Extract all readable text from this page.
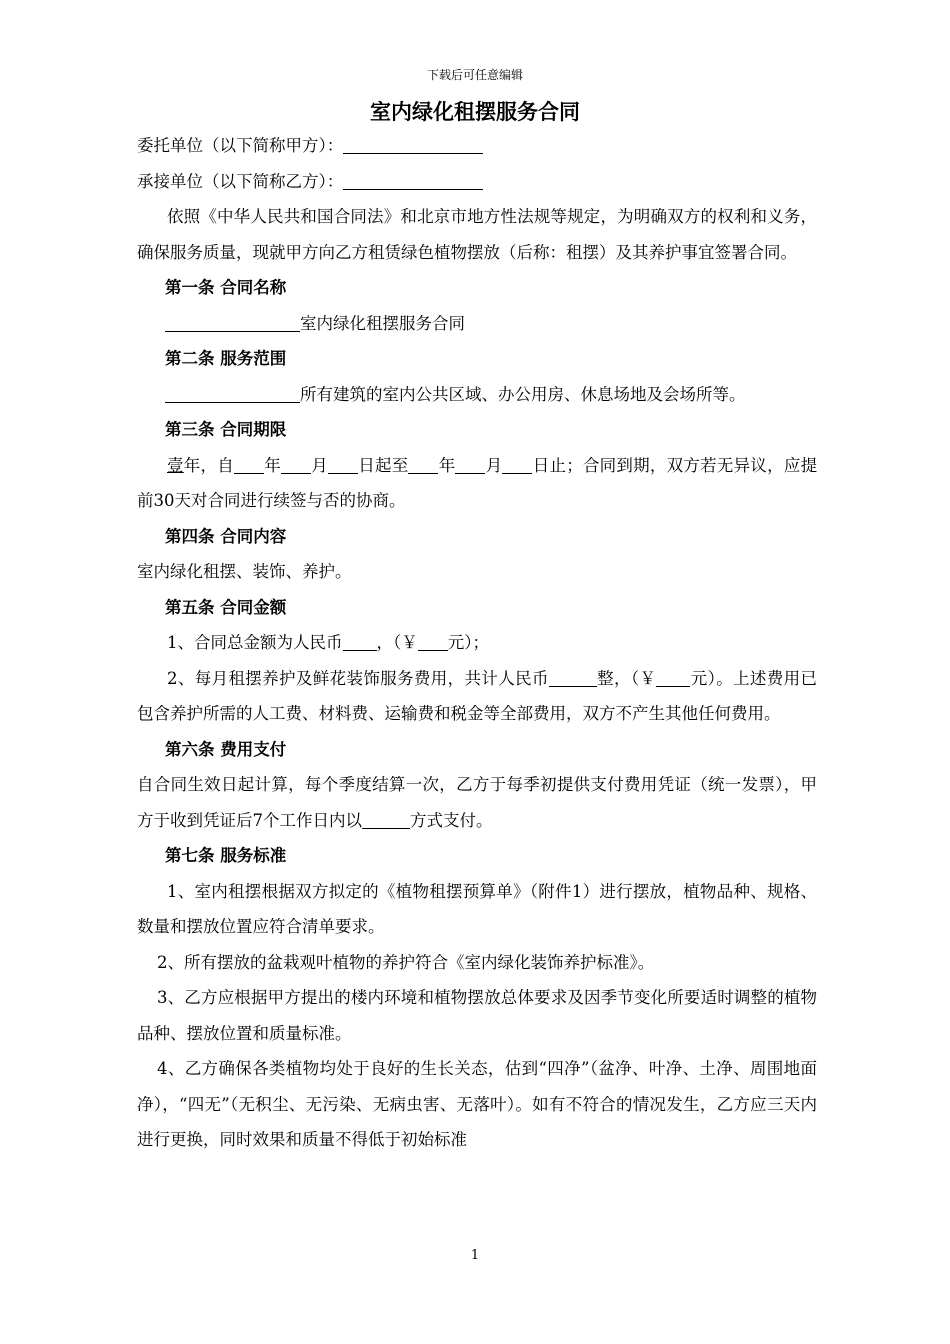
下载后可任意编辑
室内绿化租摆服务合同

委托单位（以下简称甲方）：

承接单位（以下简称乙方）：

依照《中华人民共和国合同法》和北京市地方性法规等规定，为明确双方的权利和义务，确保服务质量，现就甲方向乙方租赁绿色植物摆放（后称：租摆）及其养护事宜签署合同。

第一条 合同名称

室内绿化租摆服务合同

第二条 服务范围

所有建筑的室内公共区域、办公用房、休息场地及会场所等。

第三条 合同期限

壹年，自 年 月 日起至 年 月 日止；合同到期，双方若无异议，应提前30天对合同进行续签与否的协商。

第四条 合同内容

室内绿化租摆、装饰、养护。

第五条 合同金额

1、合同总金额为人民币 ，（￥ 元）；

2、每月租摆养护及鲜花装饰服务费用，共计人民币	整，（￥ 元）。上述费用已包含养护所需的人工费、材料费、运输费和税金等全部费用，双方不产生其他任何费用。

第六条 费用支付

自合同生效日起计算，每个季度结算一次，乙方于每季初提供支付费用凭证（统一发票），甲方于收到凭证后7个工作日内以	方式支付。

第七条 服务标准

1、室内租摆根据双方拟定的《植物租摆预算单》（附件1）进行摆放，植物品种、规格、数量和摆放位置应符合清单要求。

2、所有摆放的盆栽观叶植物的养护符合《室内绿化装饰养护标准》。

3、乙方应根据甲方提出的楼内环境和植物摆放总体要求及因季节变化所要适时调整的植物品种、摆放位置和质量标准。

4、乙方确保各类植物均处于良好的生长关态，估到“四净”（盆净、叶净、土净、周围地面净），“四无”（无积尘、无污染、无病虫害、无落叶）。如有不符合的情况发生，乙方应三天内进行更换，同时效果和质量不得低于初始标准

1
